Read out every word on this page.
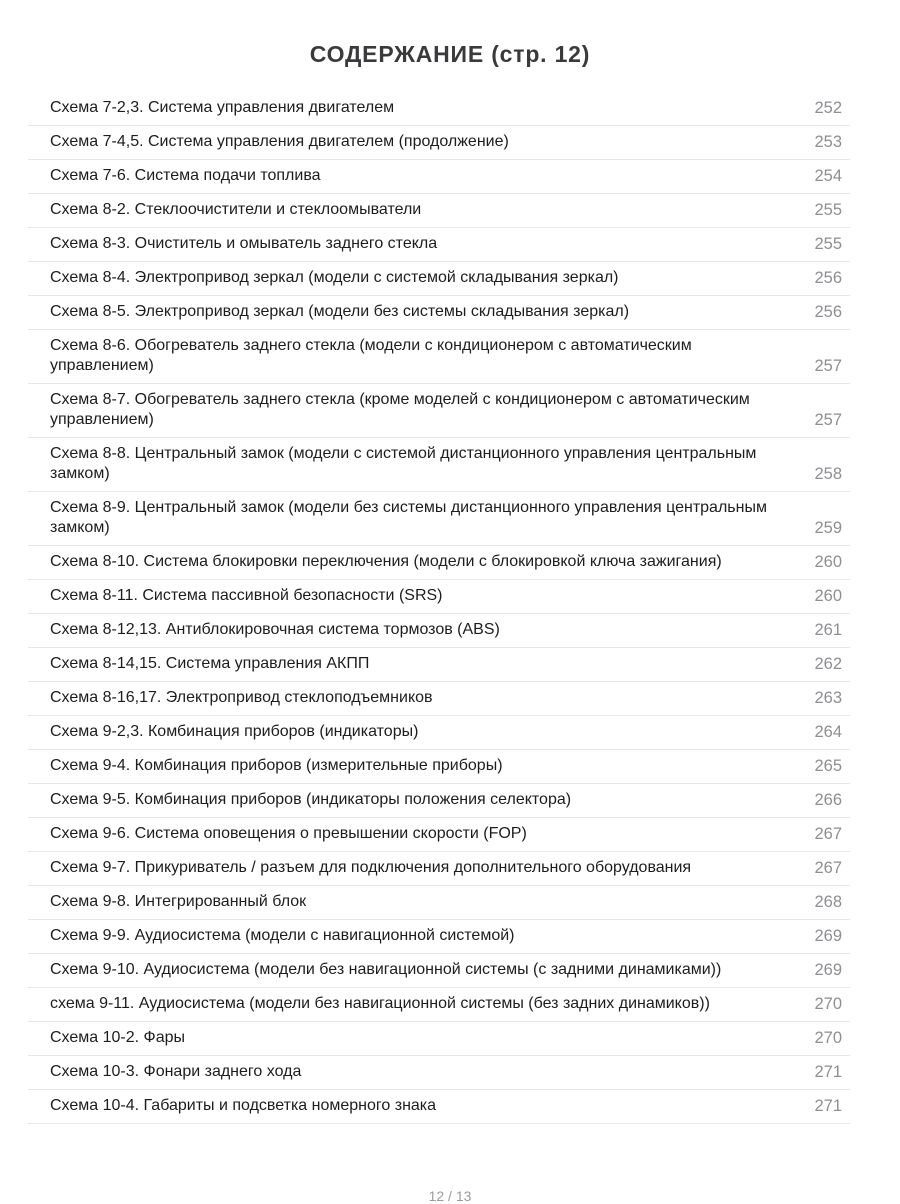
СОДЕРЖАНИЕ (стр. 12)
Схема 7-2,3. Система управления двигателем	252
Схема 7-4,5. Система управления двигателем (продолжение)	253
Схема 7-6. Система подачи топлива	254
Схема 8-2. Стеклоочистители и стеклоомыватели	255
Схема 8-3. Очиститель и омыватель заднего стекла	255
Схема 8-4. Электропривод зеркал (модели с системой складывания зеркал)	256
Схема 8-5. Электропривод зеркал (модели без системы складывания зеркал)	256
Схема 8-6. Обогреватель заднего стекла (модели с кондиционером с автоматическим управлением)	257
Схема 8-7. Обогреватель заднего стекла (кроме моделей с кондиционером с автоматическим управлением)	257
Схема 8-8. Центральный замок (модели с системой дистанционного управления центральным замком)	258
Схема 8-9. Центральный замок (модели без системы дистанционного управления центральным замком)	259
Схема 8-10. Система блокировки переключения (модели с блокировкой ключа зажигания)	260
Схема 8-11. Система пассивной безопасности (SRS)	260
Схема 8-12,13. Антиблокировочная система тормозов (ABS)	261
Схема 8-14,15. Система управления АКПП	262
Схема 8-16,17. Электропривод стеклоподъемников	263
Схема 9-2,3. Комбинация приборов (индикаторы)	264
Схема 9-4. Комбинация приборов (измерительные приборы)	265
Схема 9-5. Комбинация приборов (индикаторы положения селектора)	266
Схема 9-6. Система оповещения о превышении скорости (FOP)	267
Схема 9-7. Прикуриватель / разъем для подключения дополнительного оборудования	267
Схема 9-8. Интегрированный блок	268
Схема 9-9. Аудиосистема (модели с навигационной системой)	269
Схема 9-10. Аудиосистема (модели без навигационной системы (с задними динамиками))	269
схема 9-11. Аудиосистема (модели без навигационной системы (без задних динамиков))	270
Схема 10-2. Фары	270
Схема 10-3. Фонари заднего хода	271
Схема 10-4. Габариты и подсветка номерного знака	271
12 / 13
